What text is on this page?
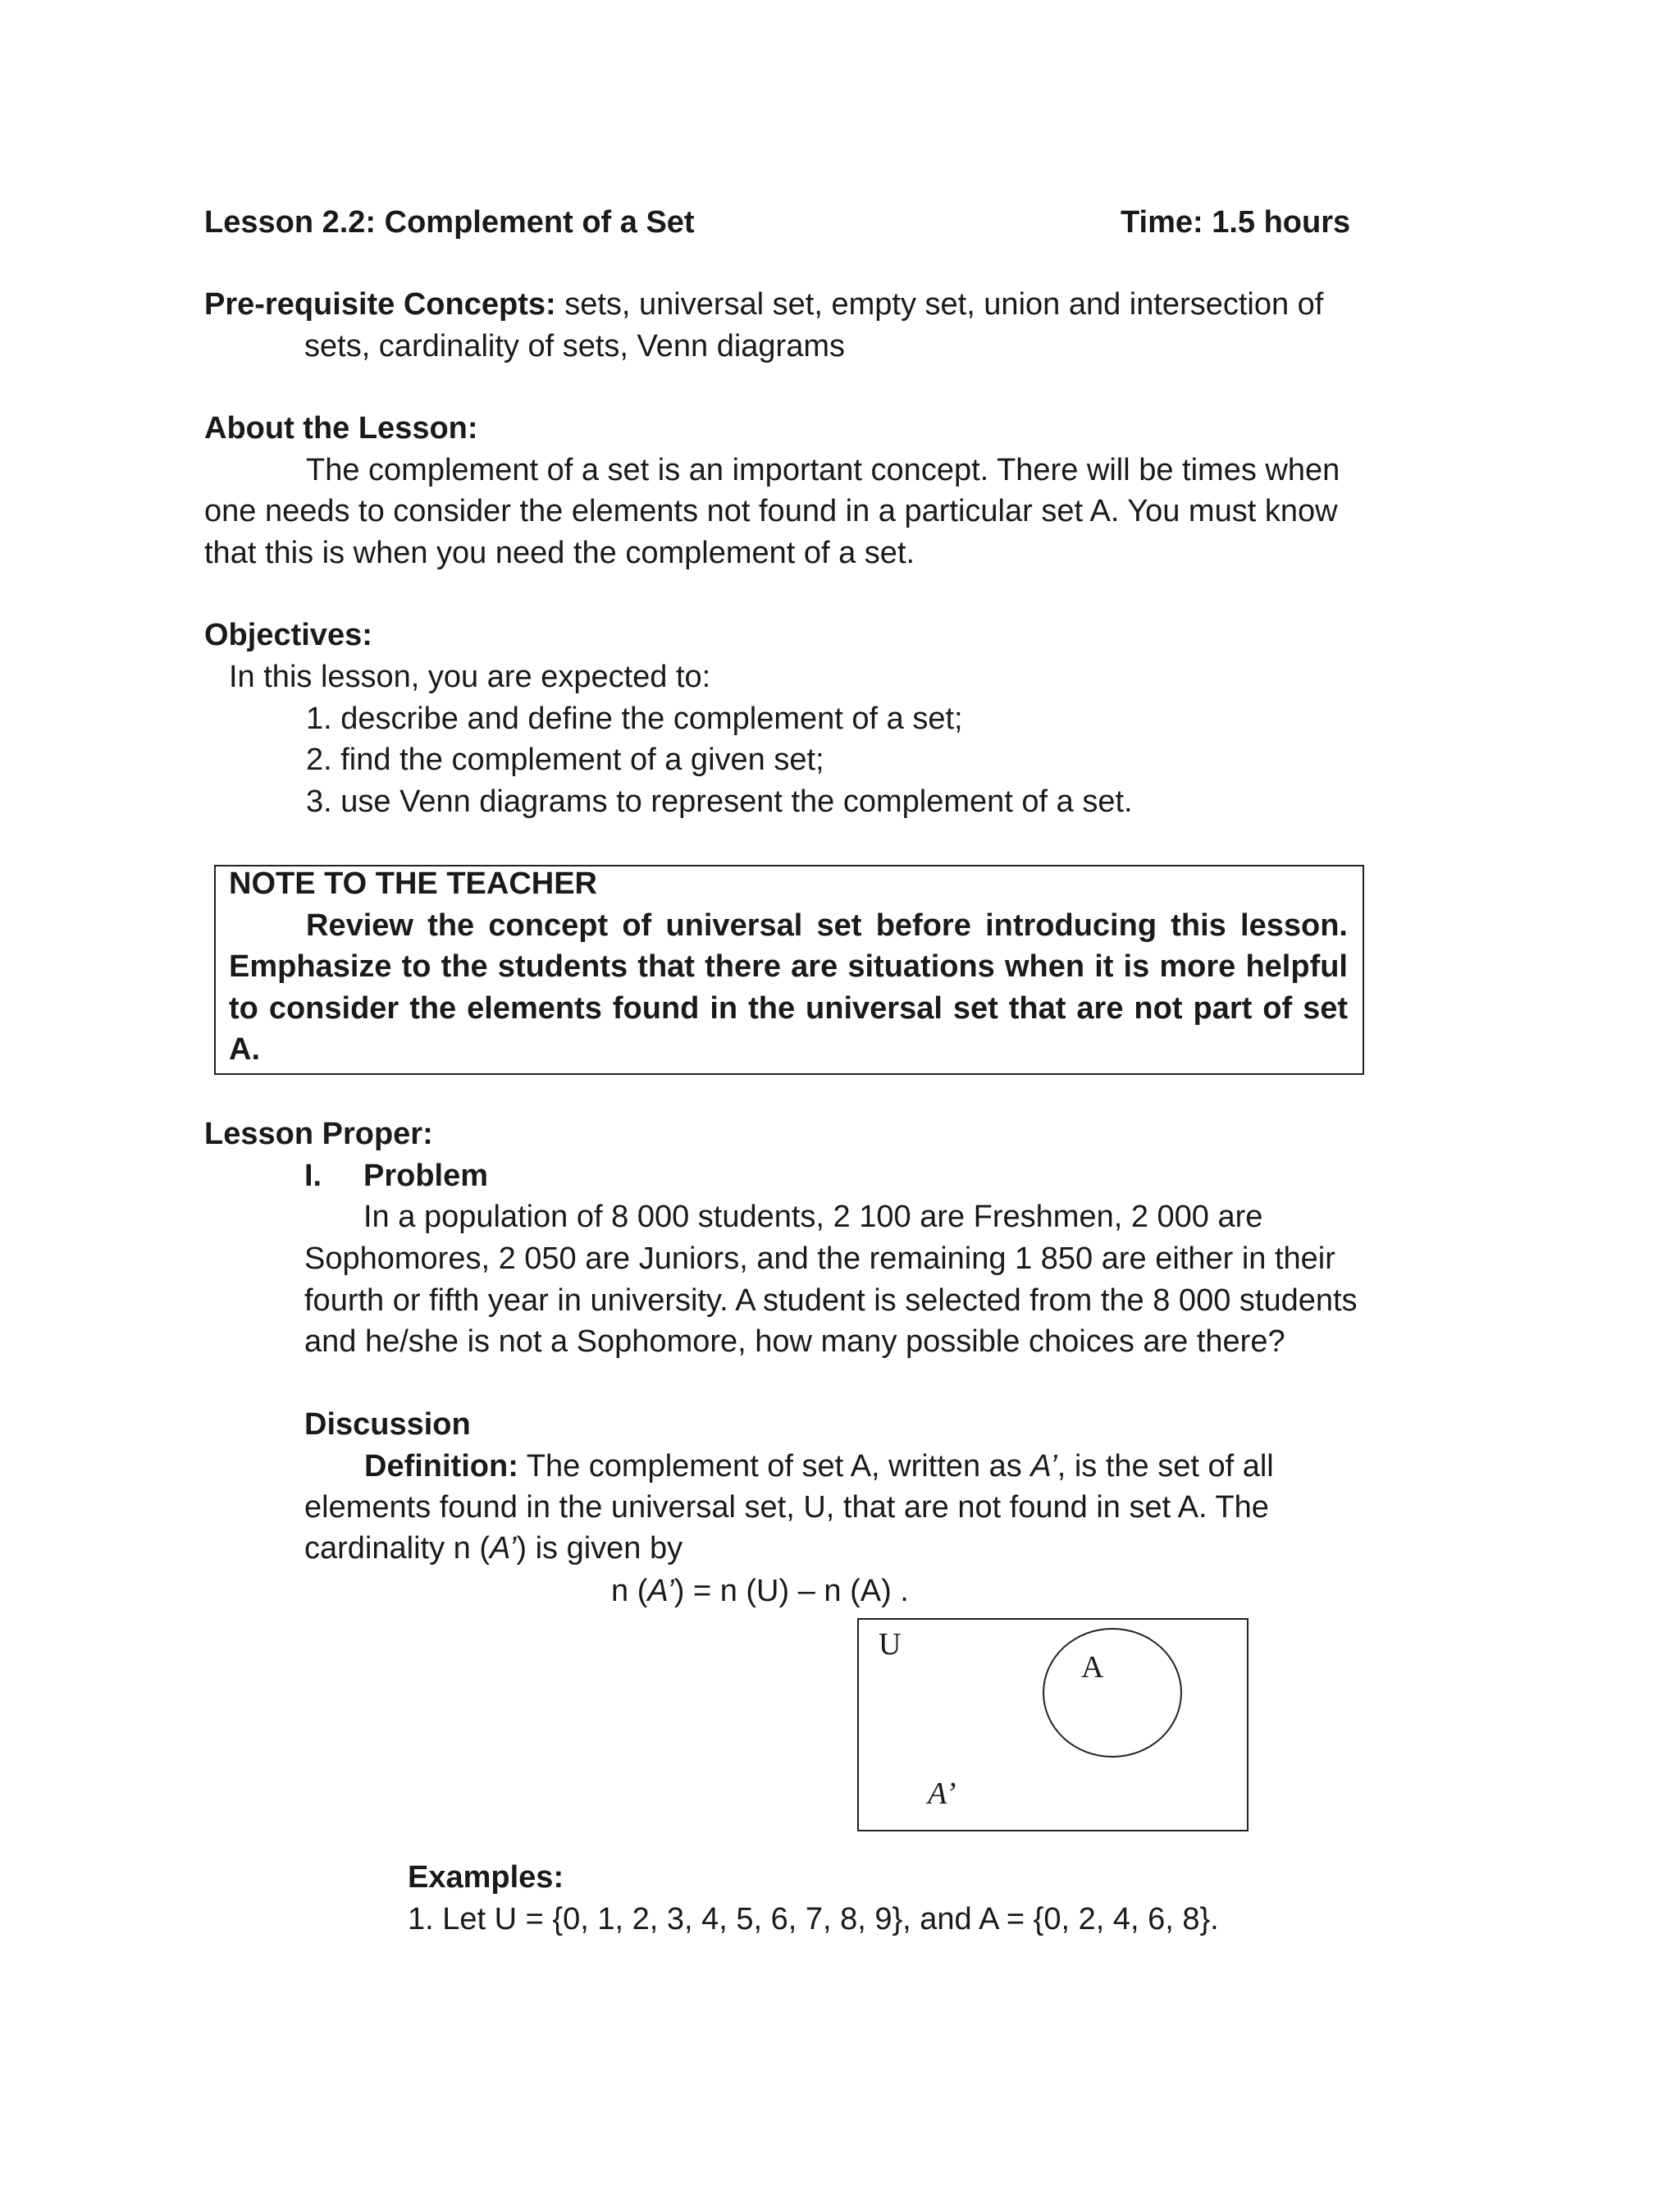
Lesson 2.2: Complement of a Set	Time: 1.5 hours
Pre-requisite Concepts: sets, universal set, empty set, union and intersection of
sets, cardinality of sets, Venn diagrams
About the Lesson:
The complement of a set is an important concept. There will be times when
one needs to consider the elements not found in a particular set A. You must know
that this is when you need the complement of a set.
Objectives:
In this lesson, you are expected to:
1. describe and define the complement of a set;
2. find the complement of a given set;
3. use Venn diagrams to represent the complement of a set.
NOTE TO THE TEACHER
Review the concept of universal set before introducing this lesson.
Emphasize to the students that there are situations when it is more helpful
to consider the elements found in the universal set that are not part of set
A.
Lesson Proper:
I. Problem
In a population of 8 000 students, 2 100 are Freshmen, 2 000 are
Sophomores, 2 050 are Juniors, and the remaining 1 850 are either in their
fourth or fifth year in university. A student is selected from the 8 000 students
and he/she is not a Sophomore, how many possible choices are there?
Discussion
Definition: The complement of set A, written as A’, is the set of all
elements found in the universal set, U, that are not found in set A. The
cardinality n (A’) is given by
n (A’) = n (U) – n (A) .
U
A
A’
Examples:
1. Let U = {0, 1, 2, 3, 4, 5, 6, 7, 8, 9}, and A = {0, 2, 4, 6, 8}.
